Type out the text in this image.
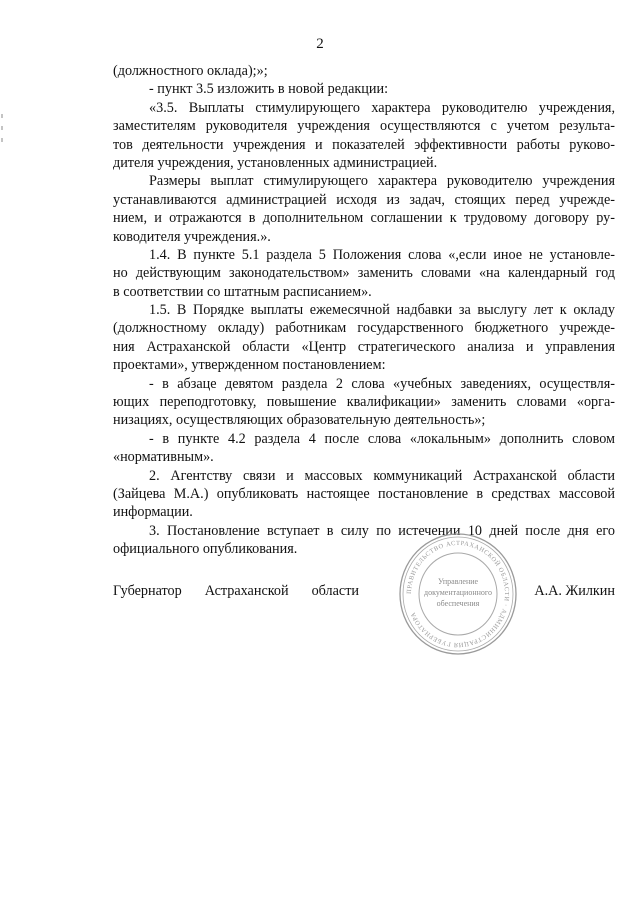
2
(должностного оклада);»;
- пункт 3.5 изложить в новой редакции:
«3.5. Выплаты стимулирующего характера руководителю учреждения,
заместителям руководителя учреждения осуществляются с учетом результа-
тов деятельности учреждения и показателей эффективности работы руково-
дителя учреждения, установленных администрацией.
Размеры выплат стимулирующего характера руководителю учреждения
устанавливаются администрацией исходя из задач, стоящих перед учрежде-
нием, и отражаются в дополнительном соглашении к трудовому договору ру-
ководителя учреждения.».
1.4. В пункте 5.1 раздела 5 Положения слова «,если иное не установле-
но действующим законодательством» заменить словами «на календарный год
в соответствии со штатным расписанием».
1.5. В Порядке выплаты ежемесячной надбавки за выслугу лет к окладу
(должностному окладу) работникам государственного бюджетного учрежде-
ния Астраханской области «Центр стратегического анализа и управления
проектами», утвержденном постановлением:
- в абзаце девятом раздела 2 слова «учебных заведениях, осуществля-
ющих переподготовку, повышение квалификации» заменить словами «орга-
низациях, осуществляющих образовательную деятельность»;
- в пункте 4.2 раздела 4 после слова «локальным» дополнить словом
«нормативным».
2. Агентству связи и массовых коммуникаций Астраханской области
(Зайцева М.А.) опубликовать настоящее постановление в средствах массовой
информации.
3. Постановление вступает в силу по истечении 10 дней после дня его
официального опубликования.
ПРАВИТЕЛЬСТВО АСТРАХАНСКОЙ ОБЛАСТИ · АДМИНИСТРАЦИЯ ГУБЕРНАТОРА
Управление
документационного
обеспечения
Губернатор Астраханской области	А.А. Жилкин
